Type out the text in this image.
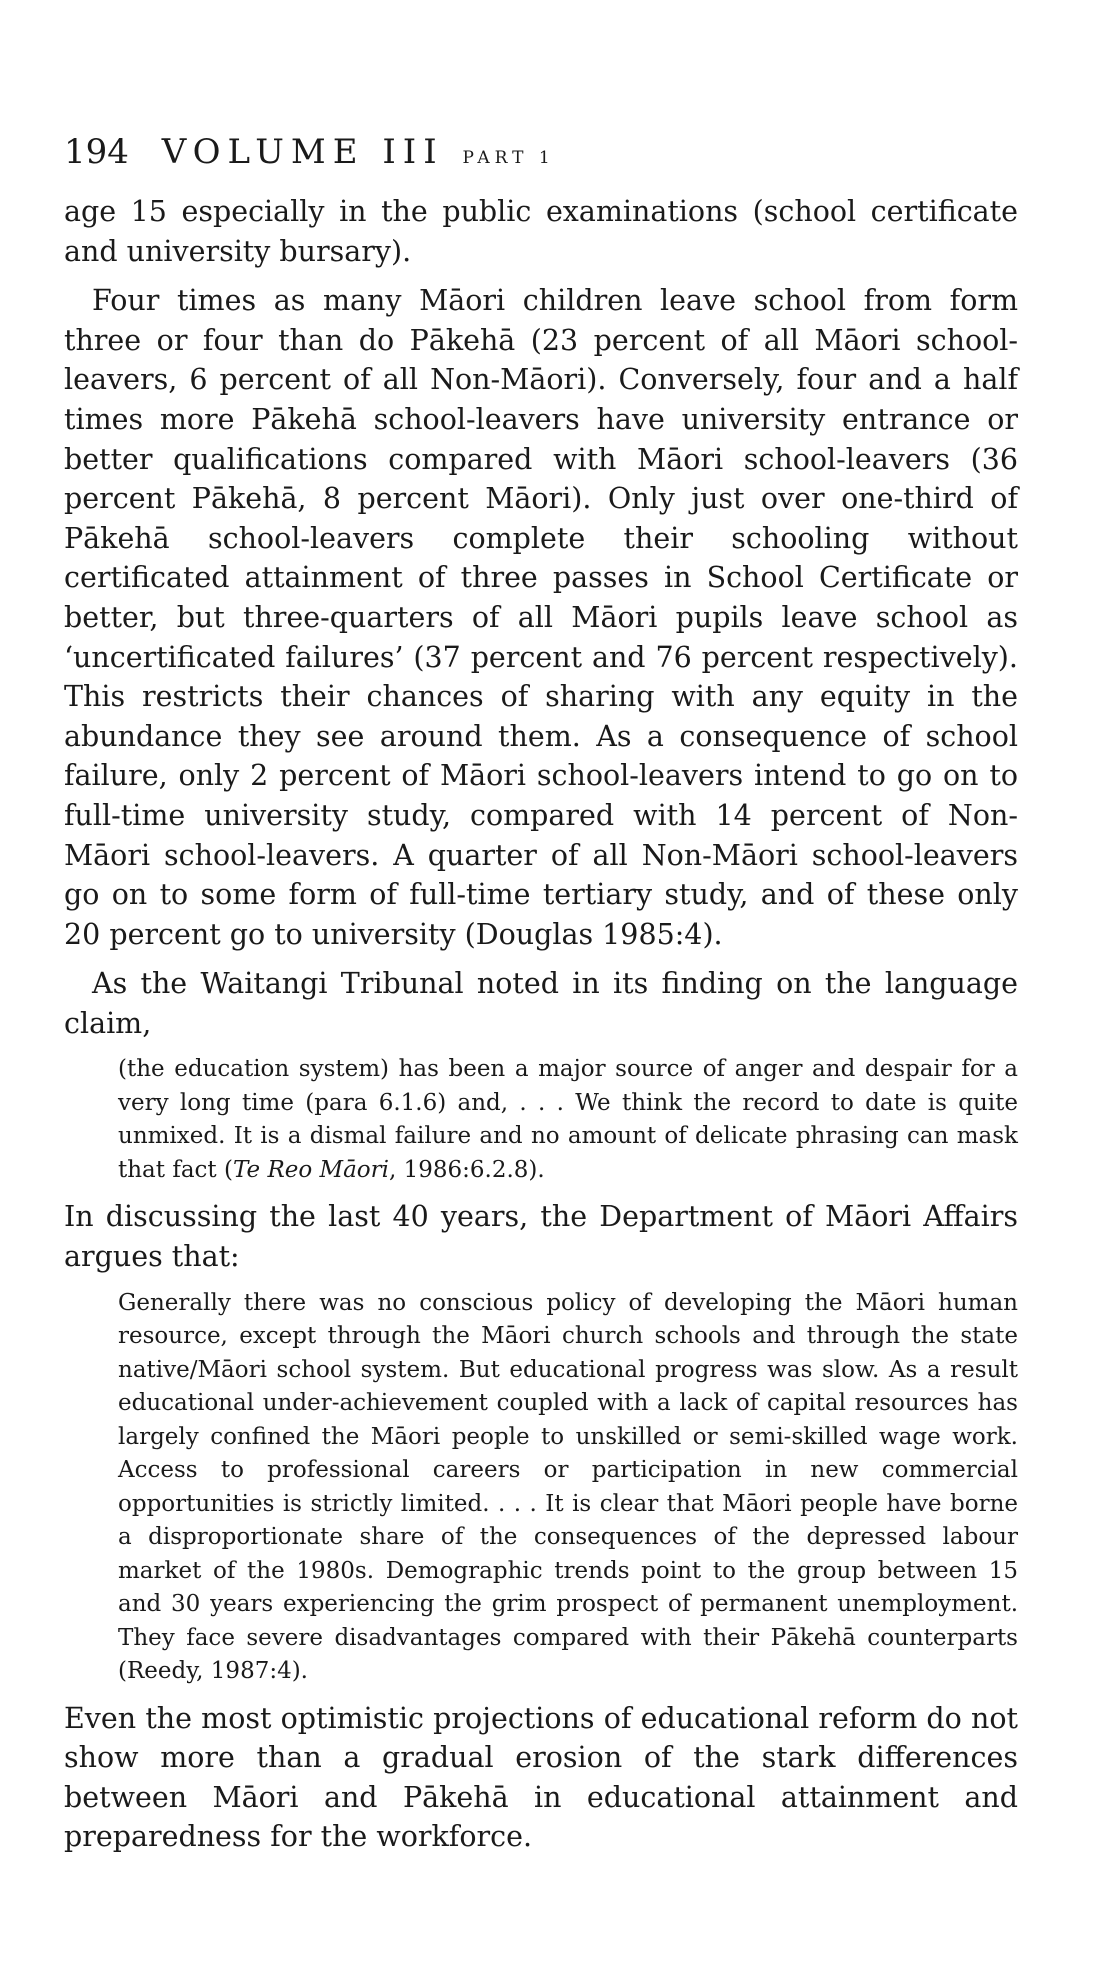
194 VOLUME III PART 1

age 15 especially in the public examinations (school certificate and university bursary).

Four times as many Māori children leave school from form three or four than do Pākehā (23 percent of all Māori school-leavers, 6 percent of all Non-Māori). Conversely, four and a half times more Pākehā school-leavers have university entrance or better qualifications compared with Māori school-leavers (36 percent Pākehā, 8 percent Māori). Only just over one-third of Pākehā school-leavers complete their schooling without certificated attainment of three passes in School Certificate or better, but three-quarters of all Māori pupils leave school as ‘uncertificated failures’ (37 percent and 76 percent respectively). This restricts their chances of sharing with any equity in the abundance they see around them. As a consequence of school failure, only 2 percent of Māori school-leavers intend to go on to full-time university study, compared with 14 percent of Non-Māori school-leavers. A quarter of all Non-Māori school-leavers go on to some form of full-time tertiary study, and of these only 20 percent go to university (Douglas 1985:4).

As the Waitangi Tribunal noted in its finding on the language claim,

(the education system) has been a major source of anger and despair for a very long time (para 6.1.6) and, . . . We think the record to date is quite unmixed. It is a dismal failure and no amount of delicate phrasing can mask that fact (Te Reo Māori, 1986:6.2.8).

In discussing the last 40 years, the Department of Māori Affairs argues that:

Generally there was no conscious policy of developing the Māori human resource, except through the Māori church schools and through the state native/Māori school system. But educational progress was slow. As a result educational under-achievement coupled with a lack of capital resources has largely confined the Māori people to unskilled or semi-skilled wage work. Access to professional careers or participation in new commercial opportunities is strictly limited. . . . It is clear that Māori people have borne a disproportionate share of the consequences of the depressed labour market of the 1980s. Demographic trends point to the group between 15 and 30 years experiencing the grim prospect of permanent unemployment. They face severe disadvantages compared with their Pākehā counterparts (Reedy, 1987:4).

Even the most optimistic projections of educational reform do not show more than a gradual erosion of the stark differences between Māori and Pākehā in educational attainment and preparedness for the workforce.
